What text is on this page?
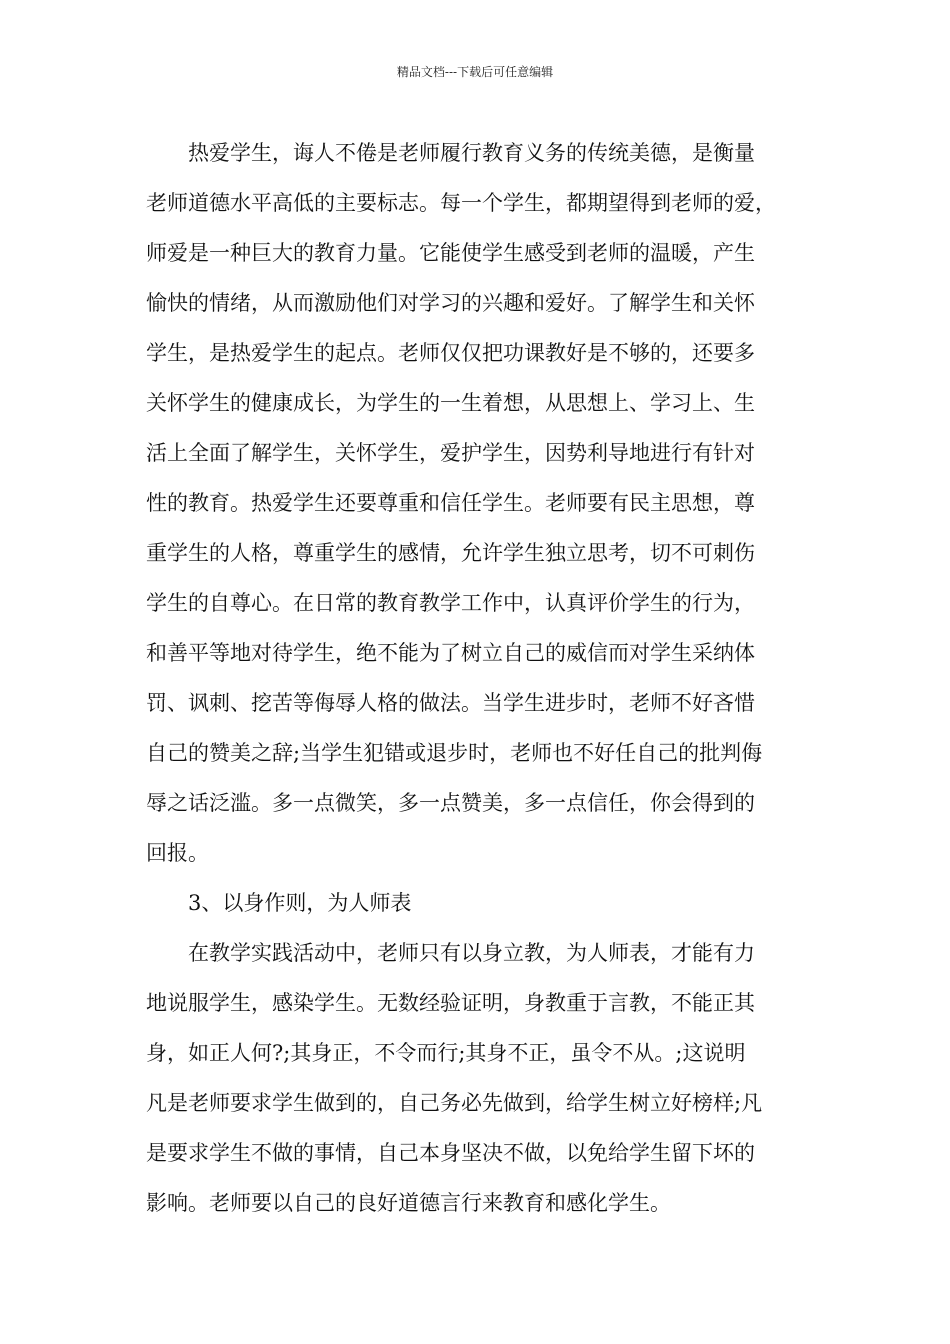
精品文档---下载后可任意编辑
热爱学生，诲人不倦是老师履行教育义务的传统美德，是衡量
老师道德水平高低的主要标志。每一个学生，都期望得到老师的爱，
师爱是一种巨大的教育力量。它能使学生感受到老师的温暖，产生
愉快的情绪，从而激励他们对学习的兴趣和爱好。了解学生和关怀
学生，是热爱学生的起点。老师仅仅把功课教好是不够的，还要多
关怀学生的健康成长，为学生的一生着想，从思想上、学习上、生
活上全面了解学生，关怀学生，爱护学生，因势利导地进行有针对
性的教育。热爱学生还要尊重和信任学生。老师要有民主思想，尊
重学生的人格，尊重学生的感情，允许学生独立思考，切不可刺伤
学生的自尊心。在日常的教育教学工作中，认真评价学生的行为，
和善平等地对待学生，绝不能为了树立自己的威信而对学生采纳体
罚、讽刺、挖苦等侮辱人格的做法。当学生进步时，老师不好吝惜
自己的赞美之辞;当学生犯错或退步时，老师也不好任自己的批判侮
辱之话泛滥。多一点微笑，多一点赞美，多一点信任，你会得到的
回报。
3、以身作则，为人师表
在教学实践活动中，老师只有以身立教，为人师表，才能有力
地说服学生，感染学生。无数经验证明，身教重于言教，不能正其
身，如正人何?;其身正，不令而行;其身不正，虽令不从。;这说明
凡是老师要求学生做到的，自己务必先做到，给学生树立好榜样;凡
是要求学生不做的事情，自己本身坚决不做，以免给学生留下坏的
影响。老师要以自己的良好道德言行来教育和感化学生。
